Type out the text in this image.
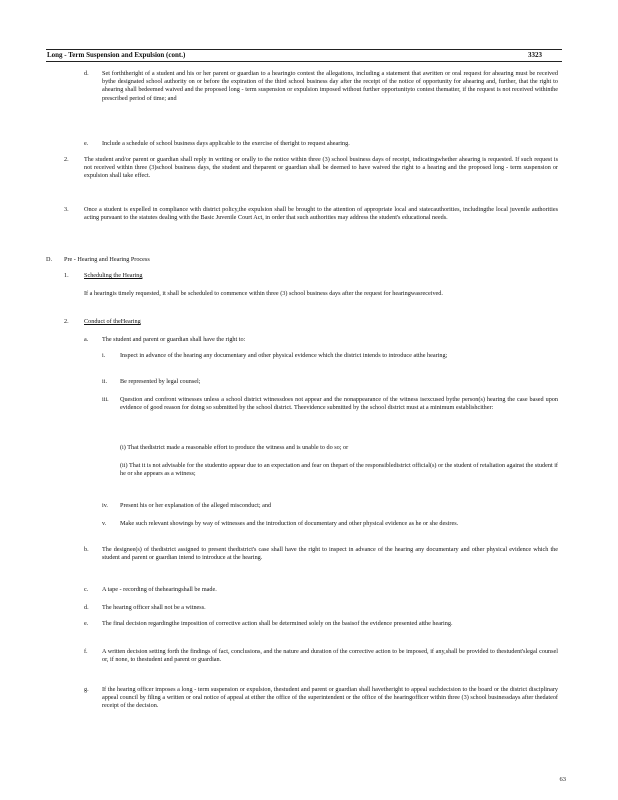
Long - Term Suspension and Expulsion (cont.)	3323
d. Set forththeright of a student and his or her parent or guardian to a hearingto contest the allegations, including a statement that awritten or oral request for ahearing must be received bythe designated school authority on or before the expiration of the third school business day after the receipt of the notice of opportunity for ahearing and, further, that the right to ahearing shall bedeemed waived and the proposed long - term suspension or expulsion imposed without further opportunityto contest thematter, if the request is not received withinthe prescribed period of time; and
e. Include a schedule of school business days applicable to the exercise of theright to request ahearing.
2. The student and/or parent or guardian shall reply in writing or orally to the notice within three (3) school business days of receipt, indicatingwhether ahearing is requested. If such request is not received within three (3)school business days, the student and theparent or guardian shall be deemed to have waived the right to a hearing and the proposed long - term suspension or expulsion shall take effect.
3. Once a student is expelled in compliance with district policy,the expulsion shall be brought to the attention of appropriate local and statecauthorities, includingthe local juvenile authorities acting pursuant to the statutes dealing with the Basic Juvenile Court Act, in order that such authorities may address the student's educational needs.
D. Pre - Hearing and Hearing Process
1. Scheduling the Hearing
If a hearingis timely requested, it shall be scheduled to commence within three (3) school business days after the request for hearingwasreceived.
2. Conduct of theHearing
a. The student and parent or guardian shall have the right to:
i. Inspect in advance of the hearing any documentary and other physical evidence which the district intends to introduce atthe hearing;
ii. Be represented by legal counsel;
iii. Question and confront witnesses unless a school district witnessdoes not appear and the nonappearance of the witness isexcused bythe person(s) hearing the case based upon evidence of good reason for doing so submitted by the school district. Theevidence submitted by the school district must at a minimum establishcither:
(i) That thedistrict made a reasonable effort to produce the witness and is unable to do so; or
(ii) That it is not advisable for the studentto appear due to an expectation and fear on thepart of the responsibledistrict official(s) or the student of retaliation against the student if he or she appears as a witness;
iv. Present his or her explanation of the alleged misconduct; and
v. Make such relevant showings by way of witnesses and the introduction of documentary and other physical evidence as he or she desires.
b. The designee(s) of thedistrict assigned to present thedistrict's case shall have the right to inspect in advance of the hearing any documentary and other physical evidence which the student and parent or guardian intend to introduce at the hearing.
c. A tape - recording of thehearingshall be made.
d. The hearing officer shall not be a witness.
e. The final decision regardingthe imposition of corrective action shall be determined solely on the basisof the evidence presented atthe hearing.
f. A written decision setting forth the findings of fact, conclusions, and the nature and duration of the corrective action to be imposed, if any,shall be provided to thestudent'slegal counsel or, if none, to thestudent and parent or guardian.
g. If the hearing officer imposes a long - term suspension or expulsion, thestudent and parent or guardian shall havetheright to appeal suchdecision to the board or the district disciplinary appeal council by filing a written or oral notice of appeal at either the office of the superintendent or the office of the hearingofficer within three (3) school businessdays after thedateof receipt of the decision.
63
